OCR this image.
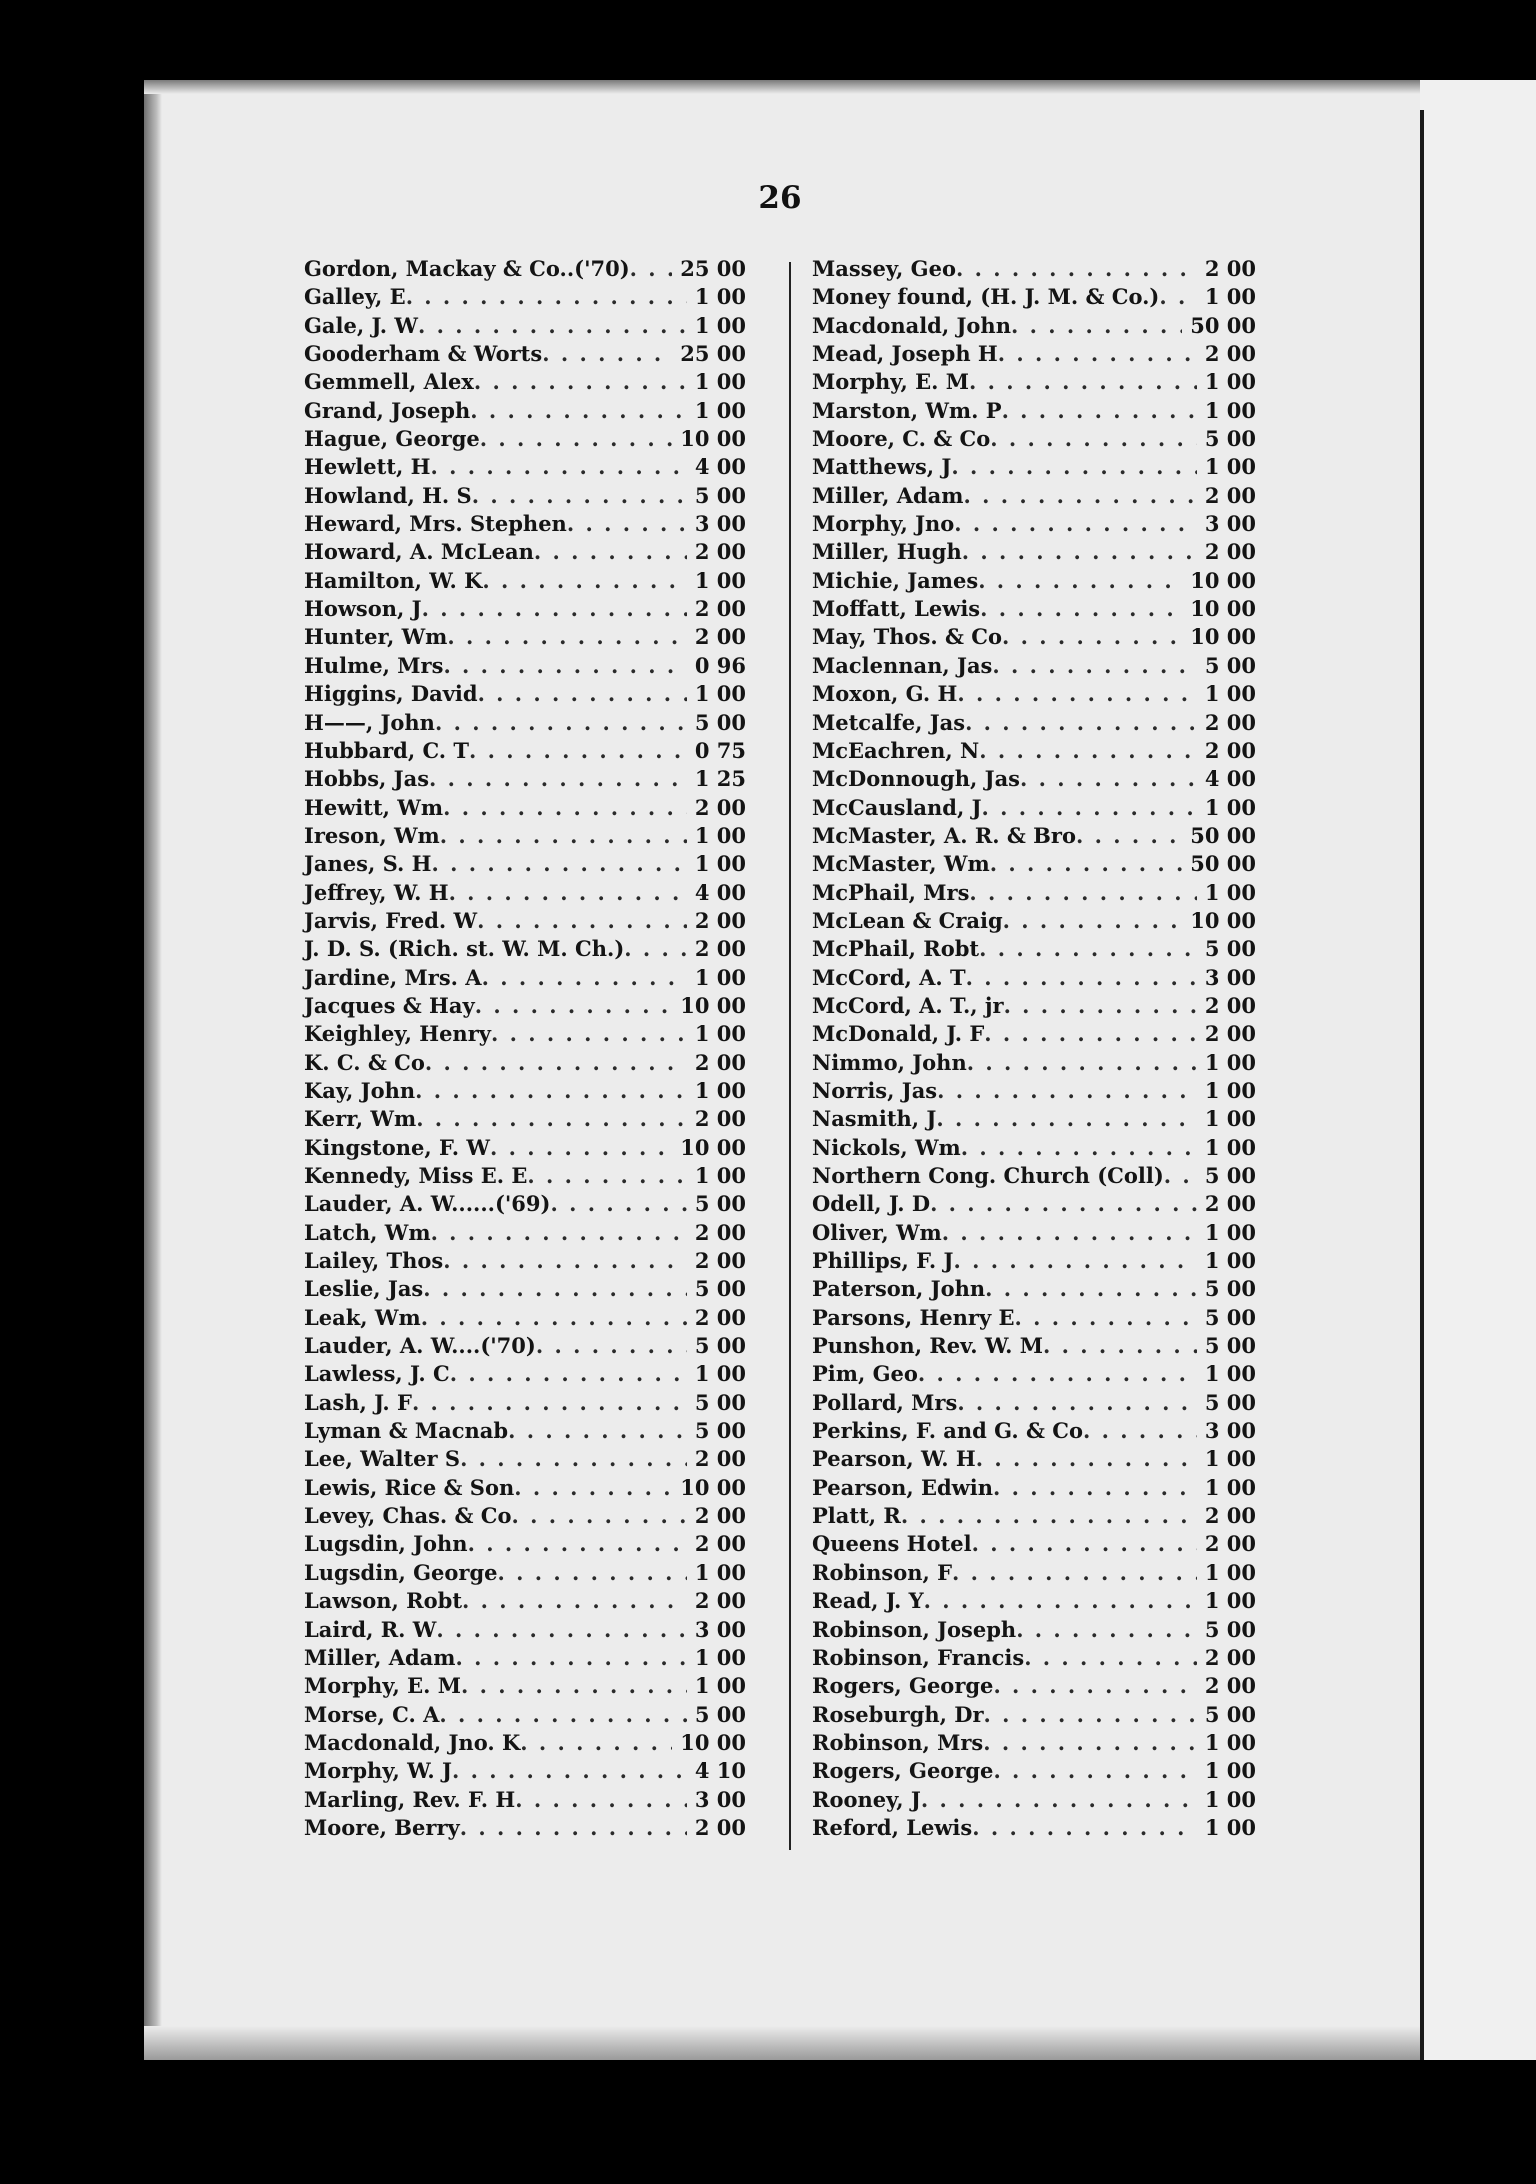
26
Gordon, Mackay & Co..('70) . . .	25 00
Galley, E . . .	1 00
Gale, J. W . . .	1 00
Gooderham & Worts . . .	25 00
Gemmell, Alex . . .	1 00
Grand, Joseph . . .	1 00
Hague, George . . .	10 00
Hewlett, H . . .	4 00
Howland, H. S . . .	5 00
Heward, Mrs. Stephen . . .	3 00
Howard, A. McLean . . .	2 00
Hamilton, W. K . . .	1 00
Howson, J . . .	2 00
Hunter, Wm . . .	2 00
Hulme, Mrs . . .	0 96
Higgins, David . . .	1 00
H——, John . . .	5 00
Hubbard, C. T . . .	0 75
Hobbs, Jas . . .	1 25
Hewitt, Wm . . .	2 00
Ireson, Wm . . .	1 00
Janes, S. H . . .	1 00
Jeffrey, W. H . . .	4 00
Jarvis, Fred. W . . .	2 00
J. D. S. (Rich. st. W. M. Ch.) . . .	2 00
Jardine, Mrs. A . . .	1 00
Jacques & Hay . . .	10 00
Keighley, Henry . . .	1 00
K. C. & Co . . .	2 00
Kay, John . . .	1 00
Kerr, Wm . . .	2 00
Kingstone, F. W . . .	10 00
Kennedy, Miss E. E . . .	1 00
Lauder, A. W......('69) . . .	5 00
Latch, Wm . . .	2 00
Lailey, Thos . . .	2 00
Leslie, Jas . . .	5 00
Leak, Wm . . .	2 00
Lauder, A. W....('70) . . .	5 00
Lawless, J. C . . .	1 00
Lash, J. F . . .	5 00
Lyman & Macnab . . .	5 00
Lee, Walter S . . .	2 00
Lewis, Rice & Son . . .	10 00
Levey, Chas. & Co . . .	2 00
Lugsdin, John . . .	2 00
Lugsdin, George . . .	1 00
Lawson, Robt . . .	2 00
Laird, R. W . . .	3 00
Miller, Adam . . .	1 00
Morphy, E. M . . .	1 00
Morse, C. A . . .	5 00
Macdonald, Jno. K . . .	10 00
Morphy, W. J . . .	4 10
Marling, Rev. F. H . . .	3 00
Moore, Berry . . .	2 00
Massey, Geo . . .	2 00
Money found, (H. J. M. & Co.) . . .	1 00
Macdonald, John . . .	50 00
Mead, Joseph H . . .	2 00
Morphy, E. M . . .	1 00
Marston, Wm. P . . .	1 00
Moore, C. & Co . . .	5 00
Matthews, J . . .	1 00
Miller, Adam . . .	2 00
Morphy, Jno . . .	3 00
Miller, Hugh . . .	2 00
Michie, James . . .	10 00
Moffatt, Lewis . . .	10 00
May, Thos. & Co . . .	10 00
Maclennan, Jas . . .	5 00
Moxon, G. H . . .	1 00
Metcalfe, Jas . . .	2 00
McEachren, N . . .	2 00
McDonnough, Jas . . .	4 00
McCausland, J . . .	1 00
McMaster, A. R. & Bro . . .	50 00
McMaster, Wm . . .	50 00
McPhail, Mrs . . .	1 00
McLean & Craig . . .	10 00
McPhail, Robt . . .	5 00
McCord, A. T . . .	3 00
McCord, A. T., jr . . .	2 00
McDonald, J. F . . .	2 00
Nimmo, John . . .	1 00
Norris, Jas . . .	1 00
Nasmith, J . . .	1 00
Nickols, Wm . . .	1 00
Northern Cong. Church (Coll) . . .	5 00
Odell, J. D . . .	2 00
Oliver, Wm . . .	1 00
Phillips, F. J . . .	1 00
Paterson, John . . .	5 00
Parsons, Henry E . . .	5 00
Punshon, Rev. W. M . . .	5 00
Pim, Geo . . .	1 00
Pollard, Mrs . . .	5 00
Perkins, F. and G. & Co . . .	3 00
Pearson, W. H . . .	1 00
Pearson, Edwin . . .	1 00
Platt, R . . .	2 00
Queens Hotel . . .	2 00
Robinson, F . . .	1 00
Read, J. Y . . .	1 00
Robinson, Joseph . . .	5 00
Robinson, Francis . . .	2 00
Rogers, George . . .	2 00
Roseburgh, Dr . . .	5 00
Robinson, Mrs . . .	1 00
Rogers, George . . .	1 00
Rooney, J . . .	1 00
Reford, Lewis . . .	1 00
